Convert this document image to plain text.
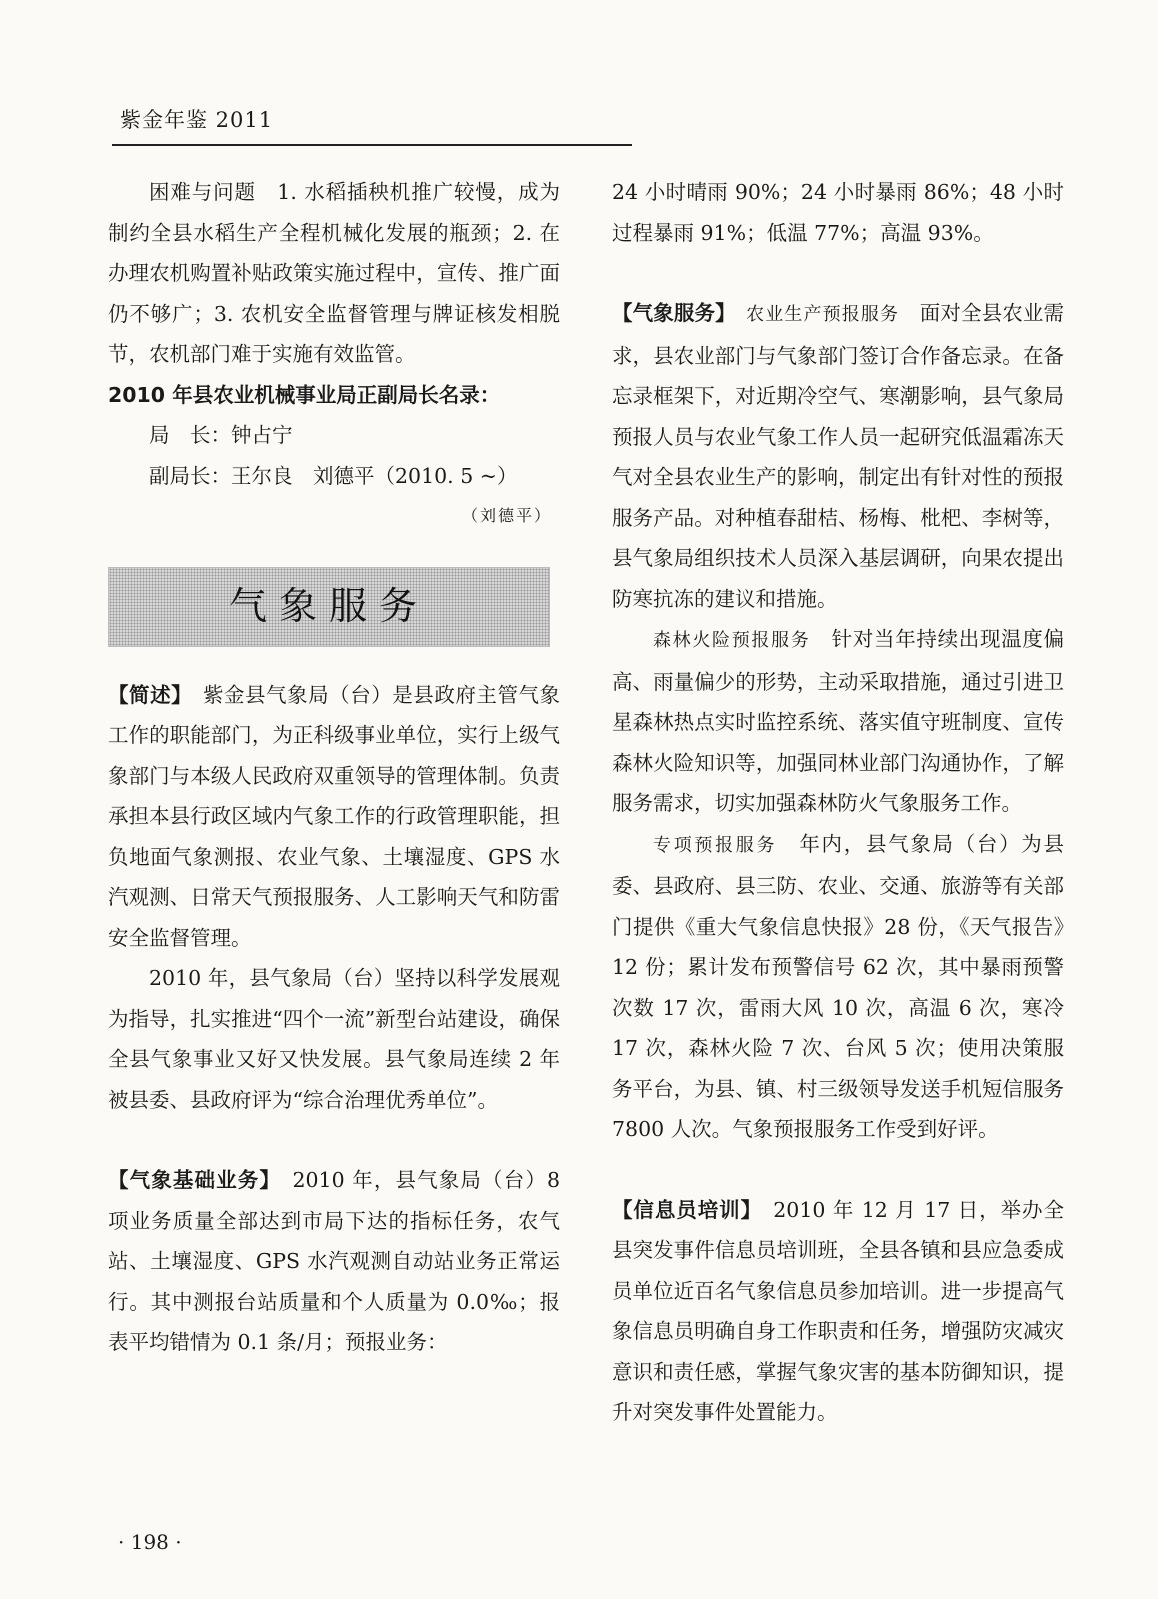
紫金年鉴 2011

困难与问题　1. 水稻插秧机推广较慢，成为制约全县水稻生产全程机械化发展的瓶颈；2. 在办理农机购置补贴政策实施过程中，宣传、推广面仍不够广；3. 农机安全监督管理与牌证核发相脱节，农机部门难于实施有效监管。

2010 年县农业机械事业局正副局长名录：

局　长：钟占宁

副局长：王尔良　刘德平（2010. 5 ~）

（刘德平）

气象服务

【简述】　紫金县气象局（台）是县政府主管气象工作的职能部门，为正科级事业单位，实行上级气象部门与本级人民政府双重领导的管理体制。负责承担本县行政区域内气象工作的行政管理职能，担负地面气象测报、农业气象、土壤湿度、GPS 水汽观测、日常天气预报服务、人工影响天气和防雷安全监督管理。

2010 年，县气象局（台）坚持以科学发展观为指导，扎实推进“四个一流”新型台站建设，确保全县气象事业又好又快发展。县气象局连续 2 年被县委、县政府评为“综合治理优秀单位”。

【气象基础业务】　2010 年，县气象局（台）8 项业务质量全部达到市局下达的指标任务，农气站、土壤湿度、GPS 水汽观测自动站业务正常运行。其中测报台站质量和个人质量为 0.0‰；报表平均错情为 0.1 条/月；预报业务：

24 小时晴雨 90%；24 小时暴雨 86%；48 小时过程暴雨 91%；低温 77%；高温 93%。

【气象服务】　 农业生产预报服务　面对全县农业需求，县农业部门与气象部门签订合作备忘录。在备忘录框架下，对近期冷空气、寒潮影响，县气象局预报人员与农业气象工作人员一起研究低温霜冻天气对全县农业生产的影响，制定出有针对性的预报服务产品。对种植春甜桔、杨梅、枇杷、李树等，县气象局组织技术人员深入基层调研，向果农提出防寒抗冻的建议和措施。

森林火险预报服务　针对当年持续出现温度偏高、雨量偏少的形势，主动采取措施，通过引进卫星森林热点实时监控系统、落实值守班制度、宣传森林火险知识等，加强同林业部门沟通协作，了解服务需求，切实加强森林防火气象服务工作。

专项预报服务　年内，县气象局（台）为县委、县政府、县三防、农业、交通、旅游等有关部门提供《重大气象信息快报》28 份，《天气报告》12 份；累计发布预警信号 62 次，其中暴雨预警次数 17 次，雷雨大风 10 次，高温 6 次，寒冷 17 次，森林火险 7 次、台风 5 次；使用决策服务平台，为县、镇、村三级领导发送手机短信服务 7800 人次。气象预报服务工作受到好评。

【信息员培训】　2010 年 12 月 17 日，举办全县突发事件信息员培训班，全县各镇和县应急委成员单位近百名气象信息员参加培训。进一步提高气象信息员明确自身工作职责和任务，增强防灾减灾意识和责任感，掌握气象灾害的基本防御知识，提升对突发事件处置能力。

· 198 ·
